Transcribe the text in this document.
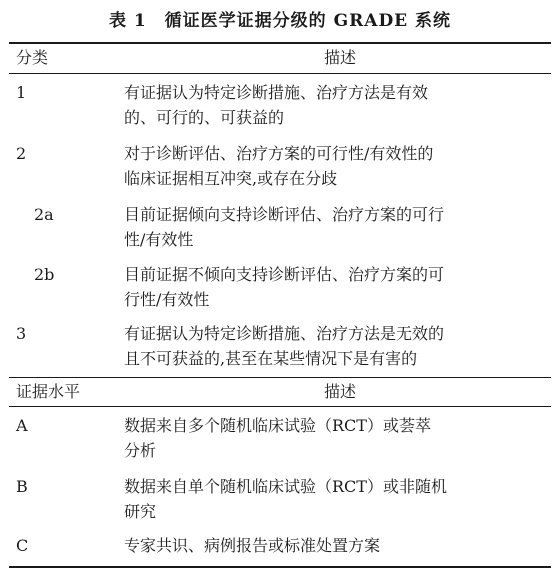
表 1　循证医学证据分级的 GRADE 系统
分类	描述
1	有证据认为特定诊断措施、治疗方法是有效
的、可行的、可获益的
2	对于诊断评估、治疗方案的可行性/有效性的
临床证据相互冲突,或存在分歧
2a	目前证据倾向支持诊断评估、治疗方案的可行
性/有效性
2b	目前证据不倾向支持诊断评估、治疗方案的可
行性/有效性
3	有证据认为特定诊断措施、治疗方法是无效的
且不可获益的,甚至在某些情况下是有害的
证据水平	描述
A	数据来自多个随机临床试验（RCT）或荟萃
分析
B	数据来自单个随机临床试验（RCT）或非随机
研究
C	专家共识、病例报告或标准处置方案
